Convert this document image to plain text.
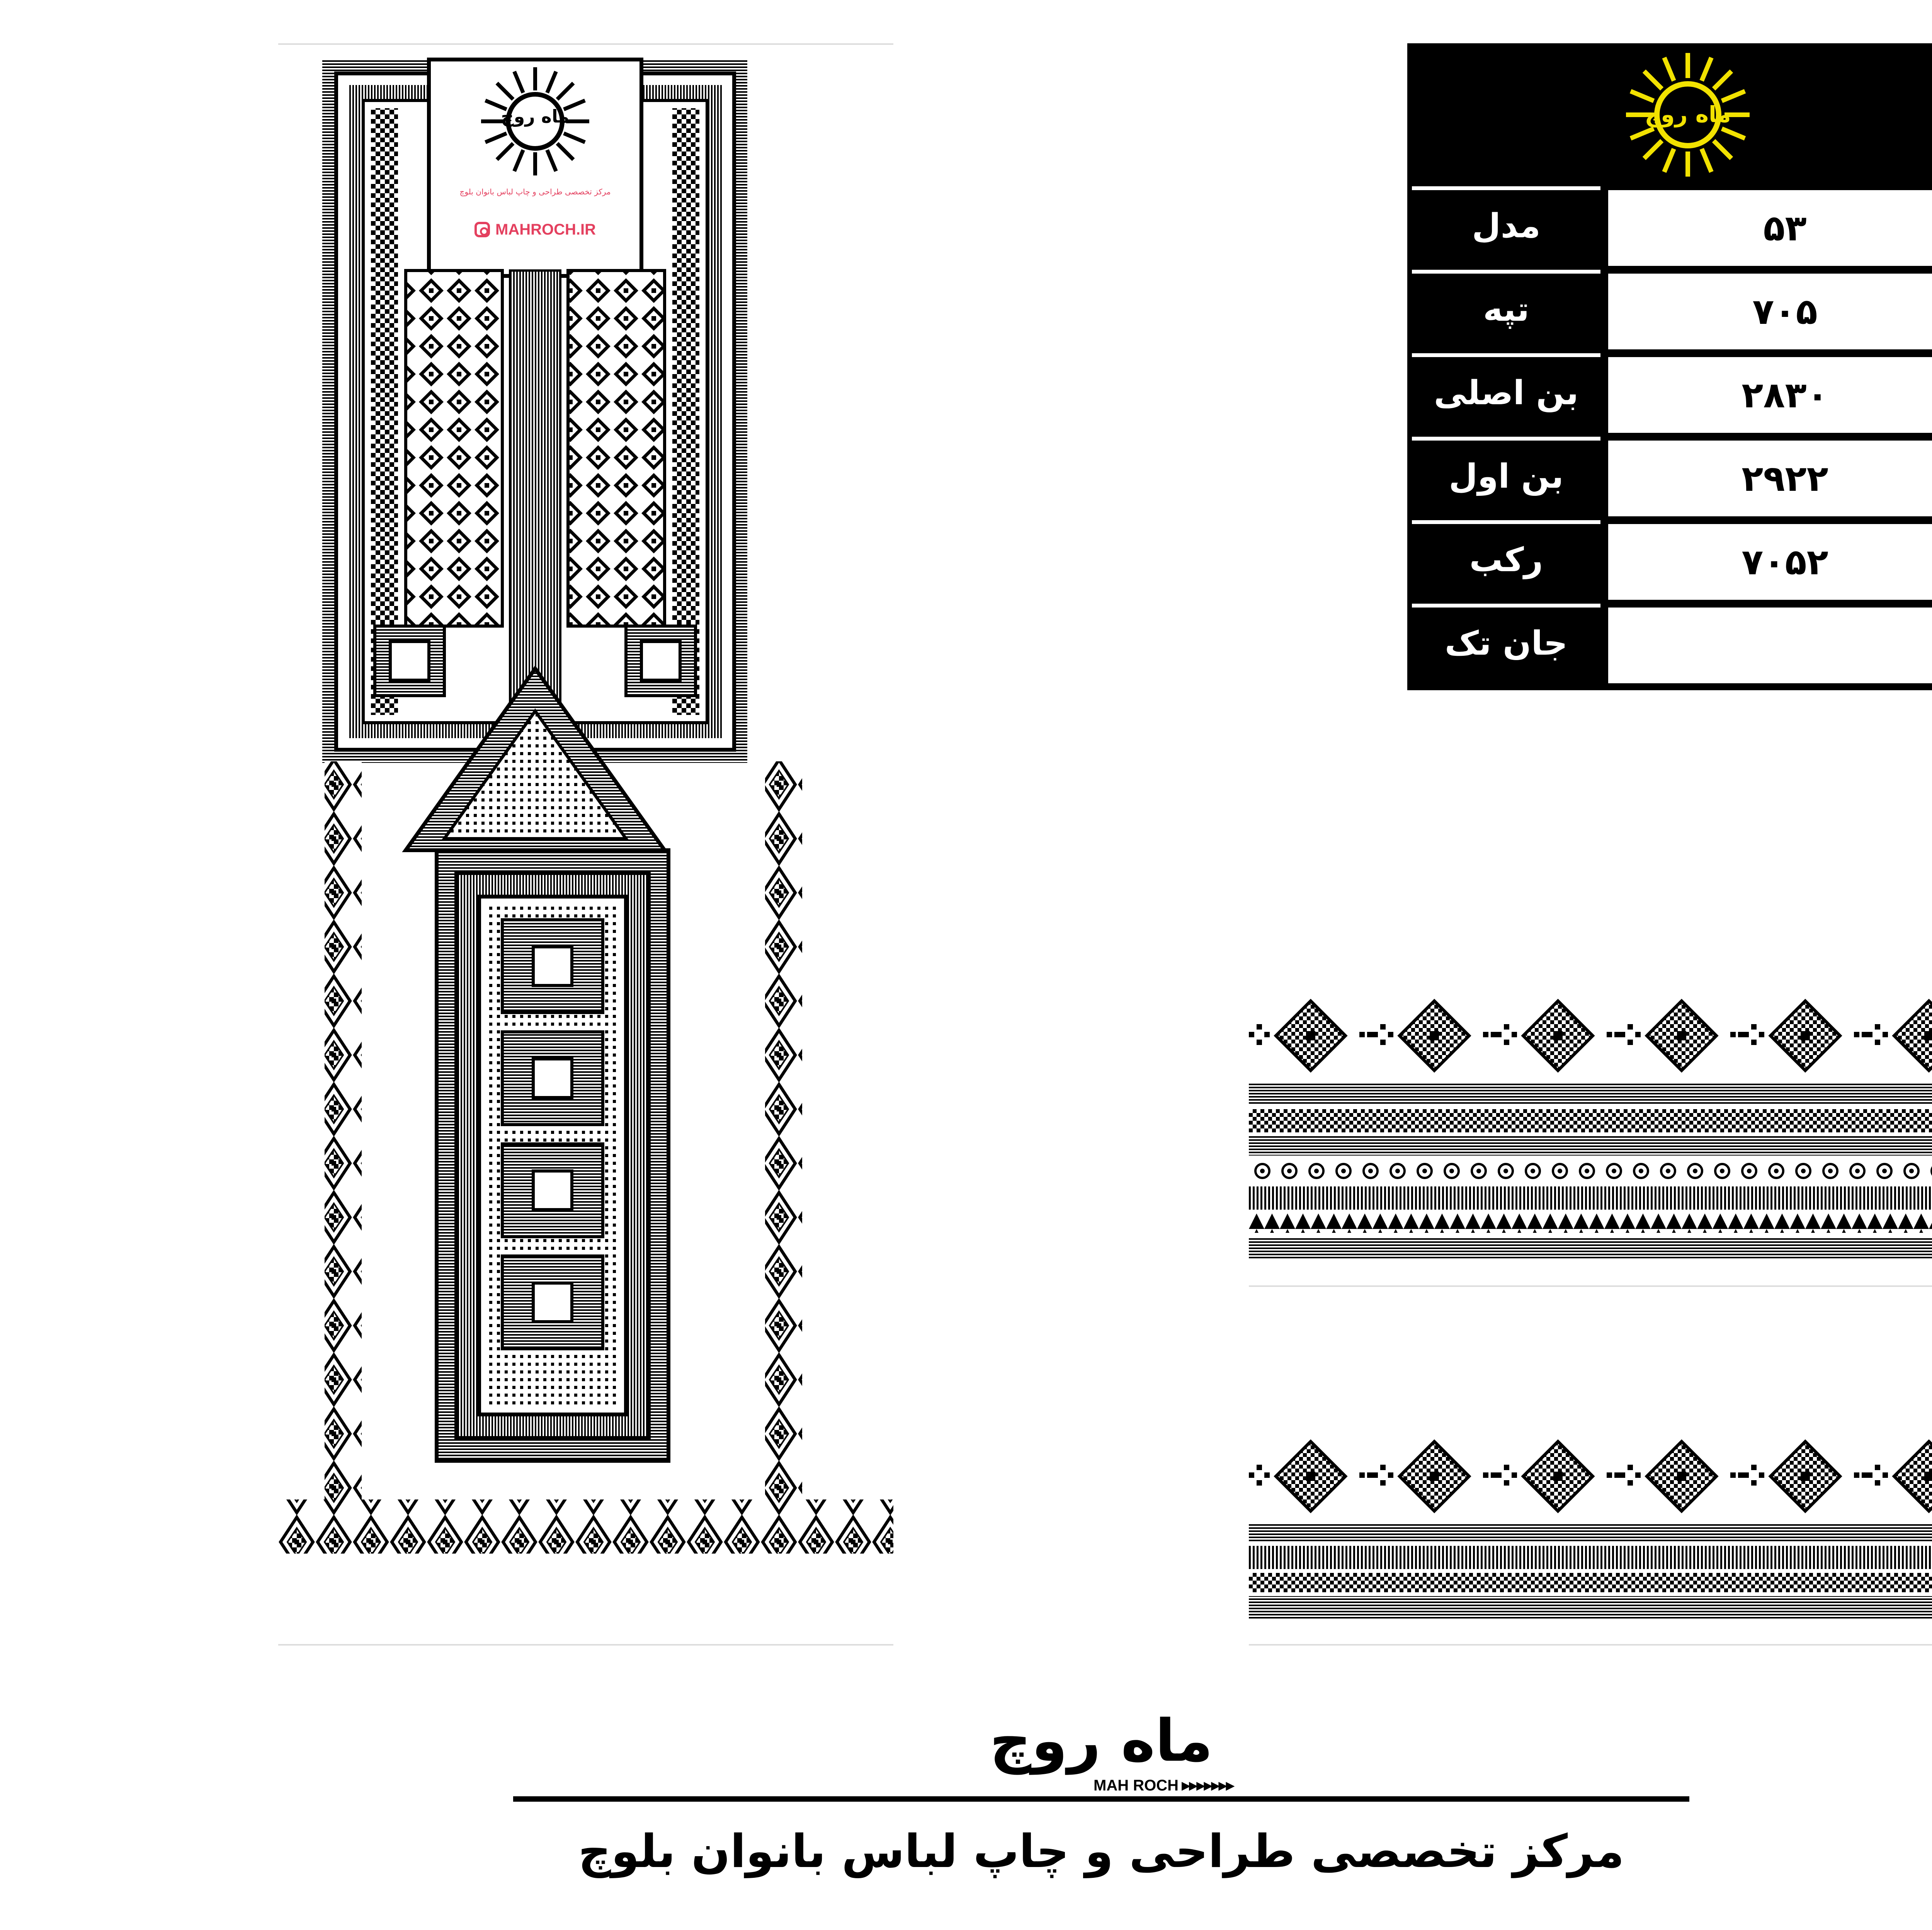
ماه روچ
مرکز تخصصی طراحی و چاپ لباس بانوان بلوچ
MAHROCH.IR
ماه روچ
مدل	۵۳
تپه	۷۰۵
بن اصلی	۲۸۳۰
بن اول	۲۹۲۲
رکب	۷۰۵۲
جان تک
ماه روچ
MAH ROCH ▶▶▶▶▶▶▶
مرکز تخصصی طراحی و چاپ لباس بانوان بلوچ
